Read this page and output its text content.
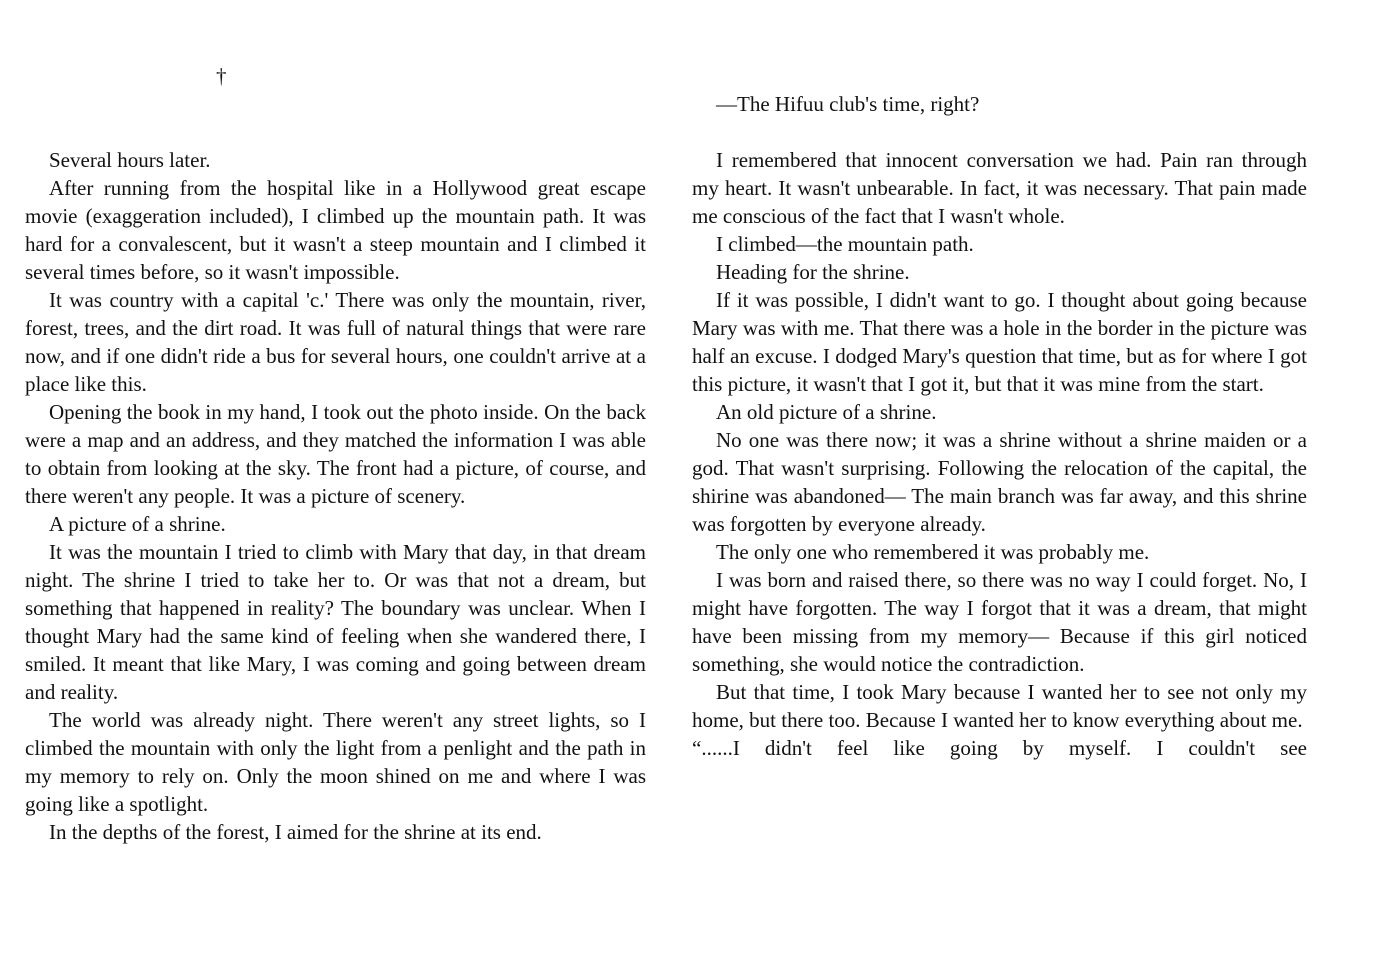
†

Several hours later.

After running from the hospital like in a Hollywood great escape movie (exaggeration included), I climbed up the mountain path. It was hard for a convalescent, but it wasn't a steep mountain and I climbed it several times before, so it wasn't impossible.

It was country with a capital 'c.' There was only the mountain, river, forest, trees, and the dirt road. It was full of natural things that were rare now, and if one didn't ride a bus for several hours, one couldn't arrive at a place like this.

Opening the book in my hand, I took out the photo inside. On the back were a map and an address, and they matched the information I was able to obtain from looking at the sky. The front had a picture, of course, and there weren't any people. It was a picture of scenery.

A picture of a shrine.

It was the mountain I tried to climb with Mary that day, in that dream night. The shrine I tried to take her to. Or was that not a dream, but something that happened in reality? The boundary was unclear. When I thought Mary had the same kind of feeling when she wandered there, I smiled. It meant that like Mary, I was coming and going between dream and reality.

The world was already night. There weren't any street lights, so I climbed the mountain with only the light from a penlight and the path in my memory to rely on. Only the moon shined on me and where I was going like a spotlight.

In the depths of the forest, I aimed for the shrine at its end.

—The Hifuu club's time, right?

I remembered that innocent conversation we had. Pain ran through my heart. It wasn't unbearable. In fact, it was necessary. That pain made me conscious of the fact that I wasn't whole.

I climbed—the mountain path.

Heading for the shrine.

If it was possible, I didn't want to go. I thought about going because Mary was with me. That there was a hole in the border in the picture was half an excuse. I dodged Mary's question that time, but as for where I got this picture, it wasn't that I got it, but that it was mine from the start.

An old picture of a shrine.

No one was there now; it was a shrine without a shrine maiden or a god. That wasn't surprising. Following the relocation of the capital, the shirine was abandoned— The main branch was far away, and this shrine was forgotten by everyone already.

The only one who remembered it was probably me.

I was born and raised there, so there was no way I could forget. No, I might have forgotten. The way I forgot that it was a dream, that might have been missing from my memory— Because if this girl noticed something, she would notice the contradiction.

But that time, I took Mary because I wanted her to see not only my home, but there too. Because I wanted her to know everything about me.

“......I didn't feel like going by myself. I couldn't see
